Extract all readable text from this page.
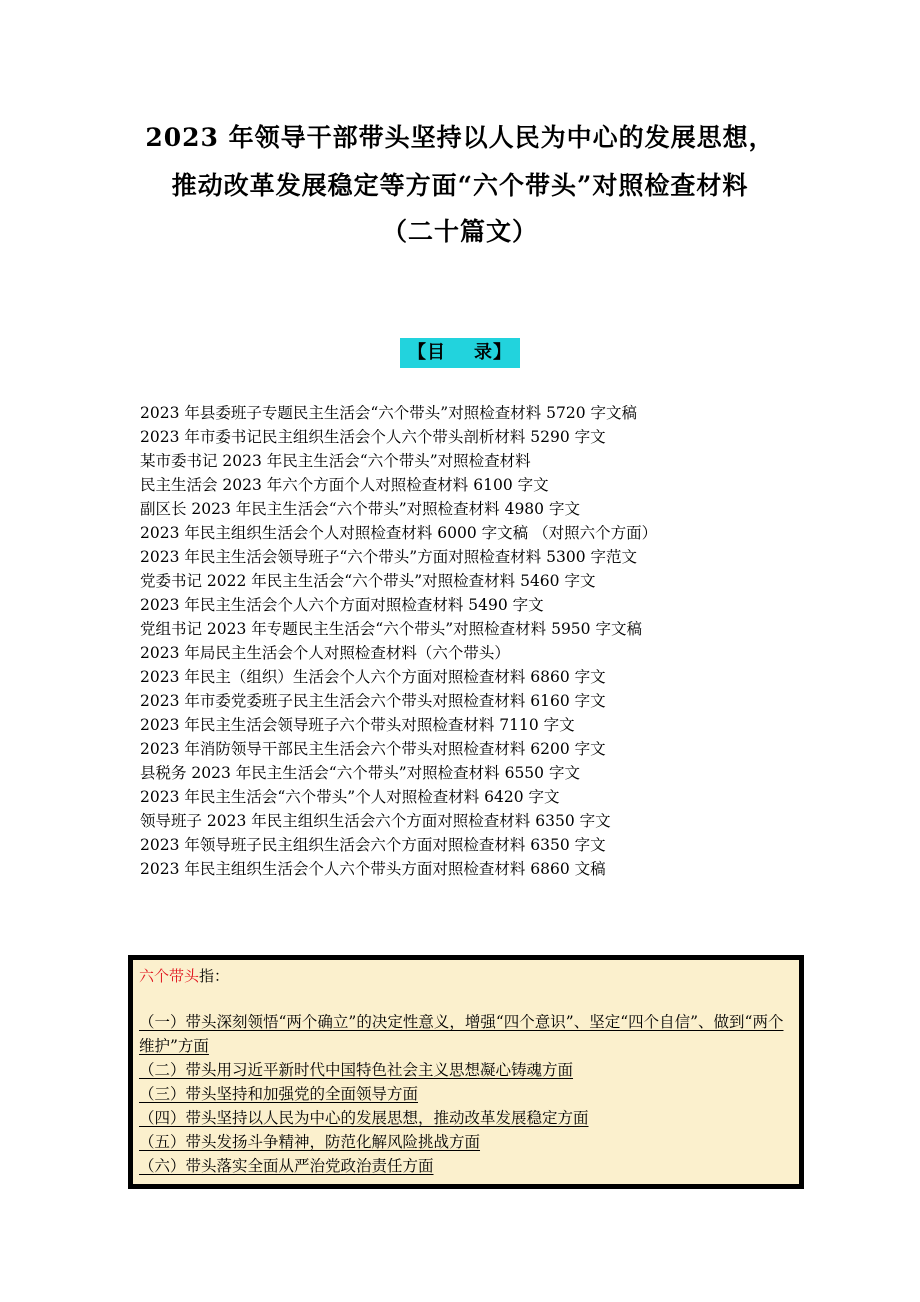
2023 年领导干部带头坚持以人民为中心的发展思想，
推动改革发展稳定等方面“六个带头”对照检查材料
（二十篇文）
【目 录】
2023 年县委班子专题民主生活会“六个带头”对照检查材料 5720 字文稿
2023 年市委书记民主组织生活会个人六个带头剖析材料 5290 字文
某市委书记 2023 年民主生活会“六个带头”对照检查材料
民主生活会 2023 年六个方面个人对照检查材料 6100 字文
副区长 2023 年民主生活会“六个带头”对照检查材料 4980 字文
2023 年民主组织生活会个人对照检查材料 6000 字文稿 （对照六个方面）
2023 年民主生活会领导班子“六个带头”方面对照检查材料 5300 字范文
党委书记 2022 年民主生活会“六个带头”对照检查材料 5460 字文
2023 年民主生活会个人六个方面对照检查材料 5490 字文
党组书记 2023 年专题民主生活会“六个带头”对照检查材料 5950 字文稿
2023 年局民主生活会个人对照检查材料（六个带头）
2023 年民主（组织）生活会个人六个方面对照检查材料 6860 字文
2023 年市委党委班子民主生活会六个带头对照检查材料 6160 字文
2023 年民主生活会领导班子六个带头对照检查材料 7110 字文
2023 年消防领导干部民主生活会六个带头对照检查材料 6200 字文
县税务 2023 年民主生活会“六个带头”对照检查材料 6550 字文
2023 年民主生活会“六个带头”个人对照检查材料 6420 字文
领导班子 2023 年民主组织生活会六个方面对照检查材料 6350 字文
2023 年领导班子民主组织生活会六个方面对照检查材料 6350 字文
2023 年民主组织生活会个人六个带头方面对照检查材料 6860 文稿
六个带头指：
（一）带头深刻领悟“两个确立”的决定性意义，增强“四个意识”、坚定“四个自信”、做到“两个维护”方面
（二）带头用习近平新时代中国特色社会主义思想凝心铸魂方面
（三）带头坚持和加强党的全面领导方面
（四）带头坚持以人民为中心的发展思想，推动改革发展稳定方面
（五）带头发扬斗争精神，防范化解风险挑战方面
（六）带头落实全面从严治党政治责任方面
